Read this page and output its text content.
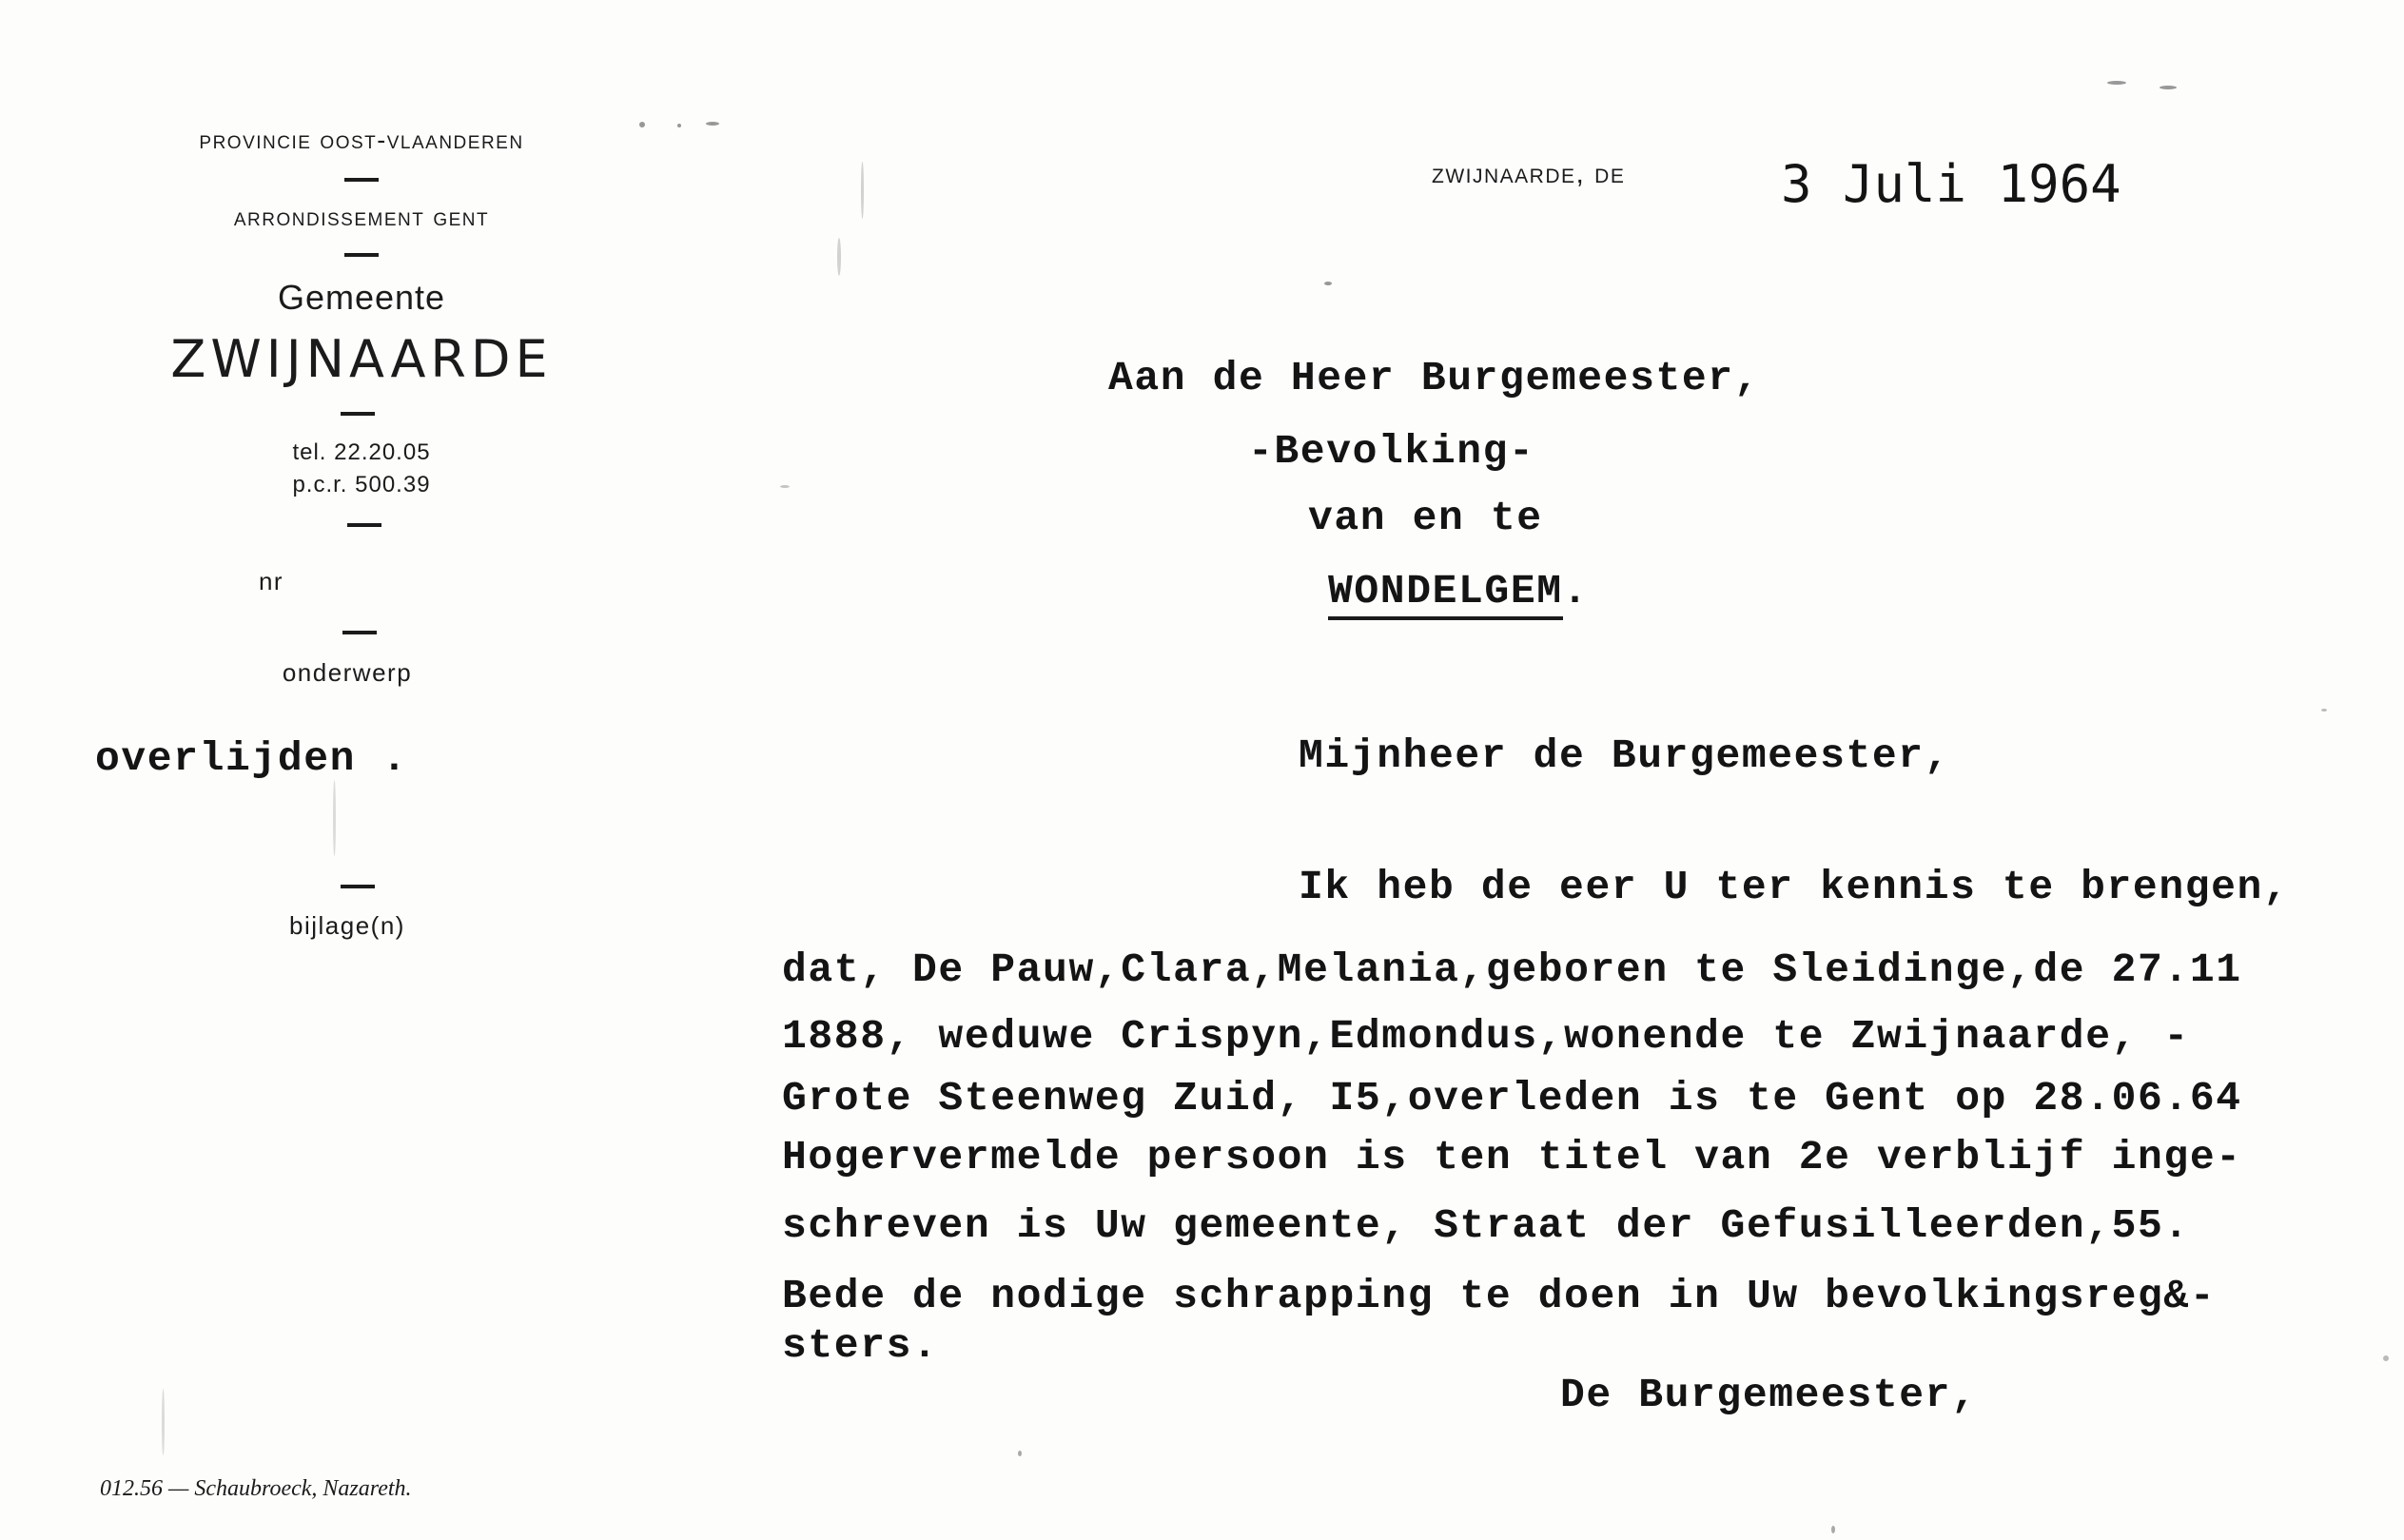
provincie oost-vlaanderen
arrondissement gent
Gemeente
ZWIJNAARDE
tel. 22.20.05
p.c.r. 500.39
nr
onderwerp
overlijden .
bijlage(n)
zwijnaarde, de	3 Juli 1964
Aan de Heer Burgemeester,
-Bevolking-
van en te
WONDELGEM.
Mijnheer de Burgemeester,
Ik heb de eer U ter kennis te brengen,
dat, De Pauw,Clara,Melania,geboren te Sleidinge,de 27.11
1888, weduwe Crispyn,Edmondus,wonende te Zwijnaarde, -
Grote Steenweg Zuid, I5,overleden is te Gent op 28.06.64
Hogervermelde persoon is ten titel van 2e verblijf inge-
schreven is Uw gemeente, Straat der Gefusilleerden,55.
Bede de nodige schrapping te doen in Uw bevolkingsreg&-
sters.
De Burgemeester,
012.56 — Schaubroeck, Nazareth.
